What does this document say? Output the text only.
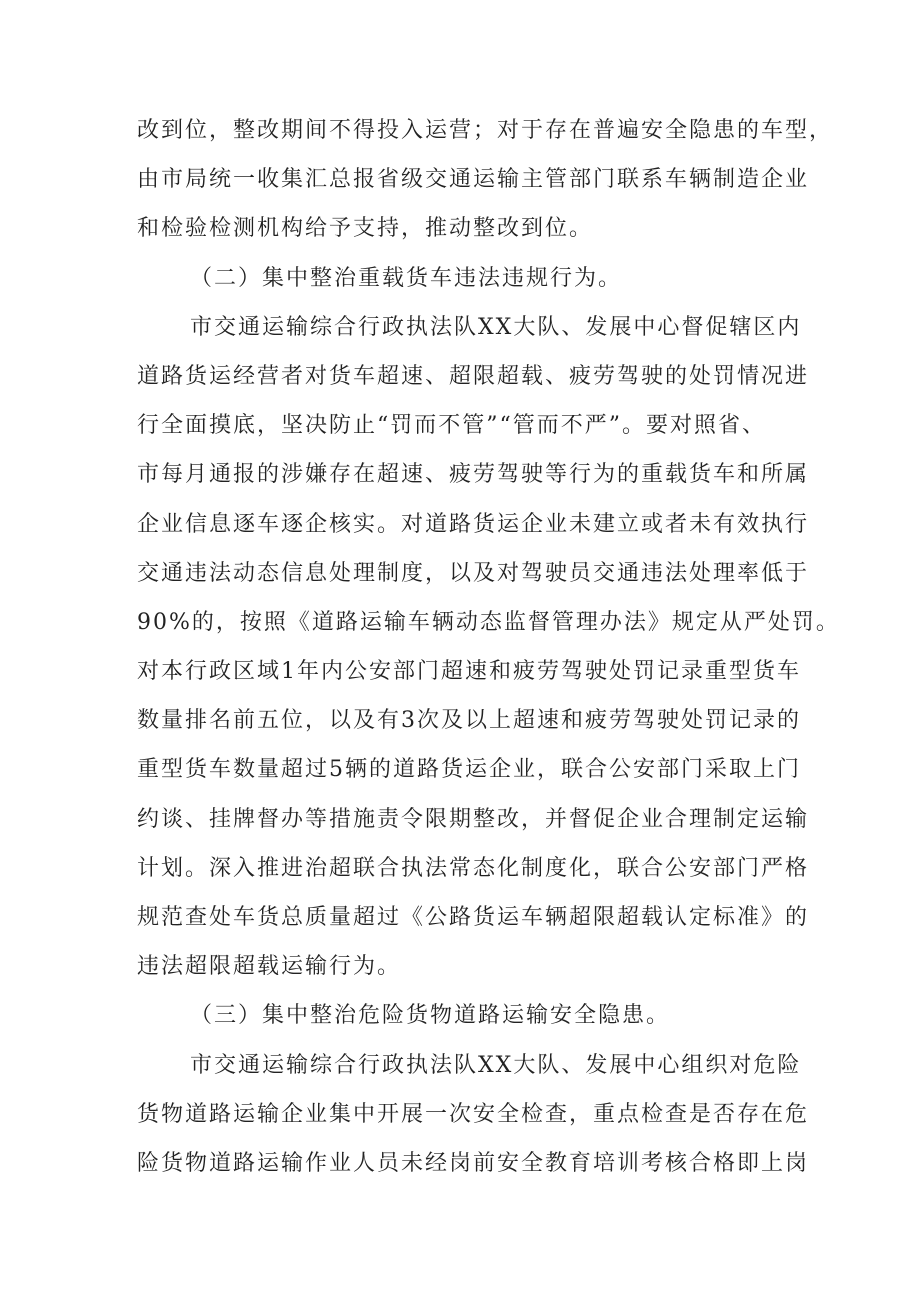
改到位，整改期间不得投入运营；对于存在普遍安全隐患的车型，
由市局统一收集汇总报省级交通运输主管部门联系车辆制造企业
和检验检测机构给予支持，推动整改到位。
（二）集中整治重载货车违法违规行为。
市交通运输综合行政执法队XX大队、发展中心督促辖区内
道路货运经营者对货车超速、超限超载、疲劳驾驶的处罚情况进
行全面摸底，坚决防止“罚而不管”“管而不严”。要对照省、
市每月通报的涉嫌存在超速、疲劳驾驶等行为的重载货车和所属
企业信息逐车逐企核实。对道路货运企业未建立或者未有效执行
交通违法动态信息处理制度，以及对驾驶员交通违法处理率低于
90%的，按照《道路运输车辆动态监督管理办法》规定从严处罚。
对本行政区域1年内公安部门超速和疲劳驾驶处罚记录重型货车
数量排名前五位，以及有3次及以上超速和疲劳驾驶处罚记录的
重型货车数量超过5辆的道路货运企业，联合公安部门采取上门
约谈、挂牌督办等措施责令限期整改，并督促企业合理制定运输
计划。深入推进治超联合执法常态化制度化，联合公安部门严格
规范查处车货总质量超过《公路货运车辆超限超载认定标准》的
违法超限超载运输行为。
（三）集中整治危险货物道路运输安全隐患。
市交通运输综合行政执法队XX大队、发展中心组织对危险
货物道路运输企业集中开展一次安全检查，重点检查是否存在危
险货物道路运输作业人员未经岗前安全教育培训考核合格即上岗
